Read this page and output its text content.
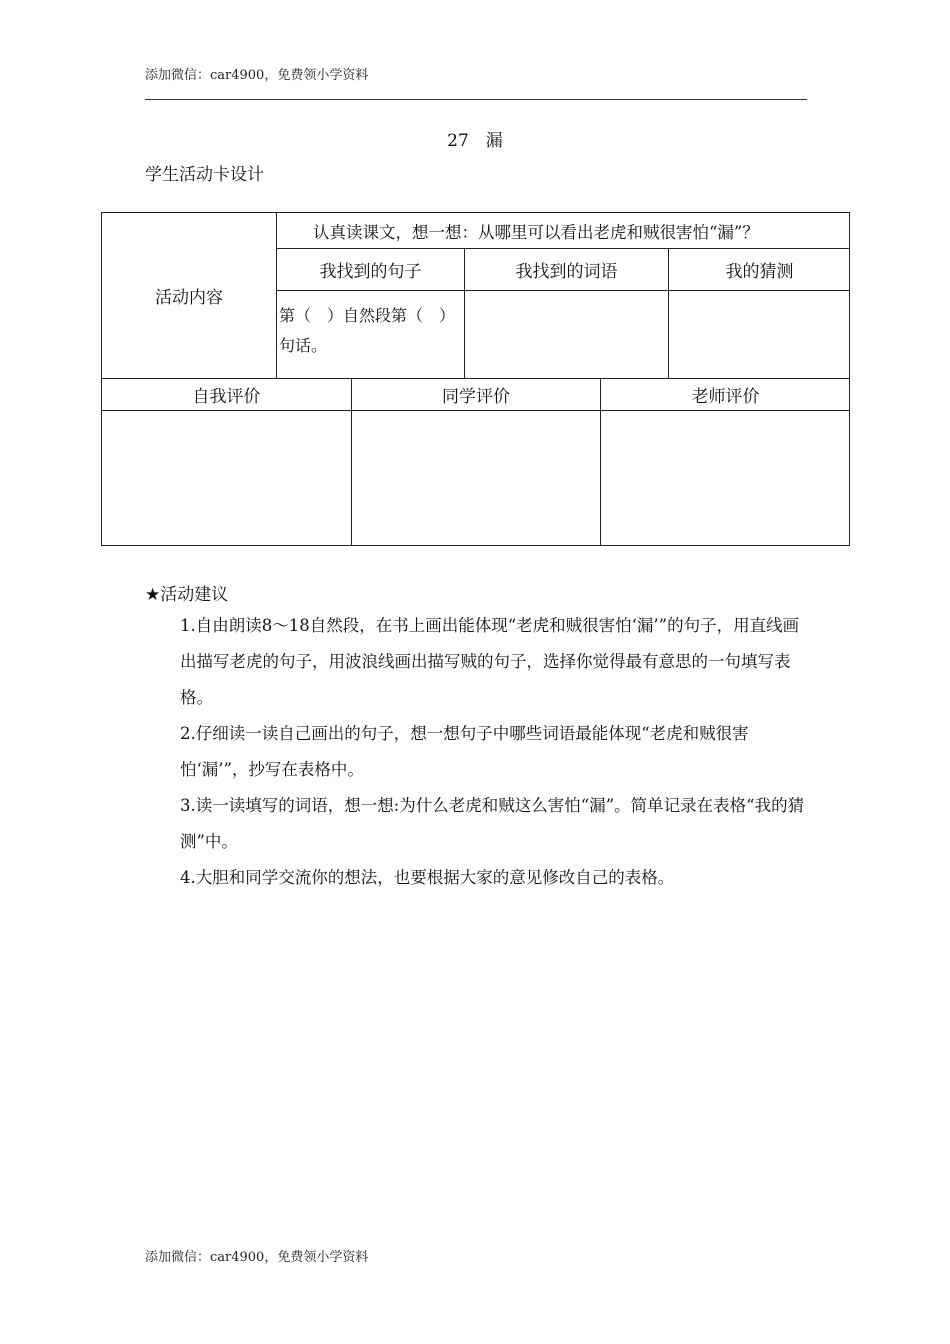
添加微信：car4900，免费领小学资料
27　漏
学生活动卡设计
活动内容
认真读课文，想一想：从哪里可以看出老虎和贼很害怕“漏”？
我找到的句子	我找到的词语	我的猜测
第（　）自然段第（　）句话。
自我评价	同学评价	老师评价
★活动建议
1.自由朗读8～18自然段，在书上画出能体现“老虎和贼很害怕‘漏’”的句子，用直线画出描写老虎的句子，用波浪线画出描写贼的句子，选择你觉得最有意思的一句填写表格。
2.仔细读一读自己画出的句子，想一想句子中哪些词语最能体现“老虎和贼很害怕‘漏’”，抄写在表格中。
3.读一读填写的词语，想一想:为什么老虎和贼这么害怕“漏”。简单记录在表格“我的猜测”中。
4.大胆和同学交流你的想法，也要根据大家的意见修改自己的表格。
添加微信：car4900，免费领小学资料
